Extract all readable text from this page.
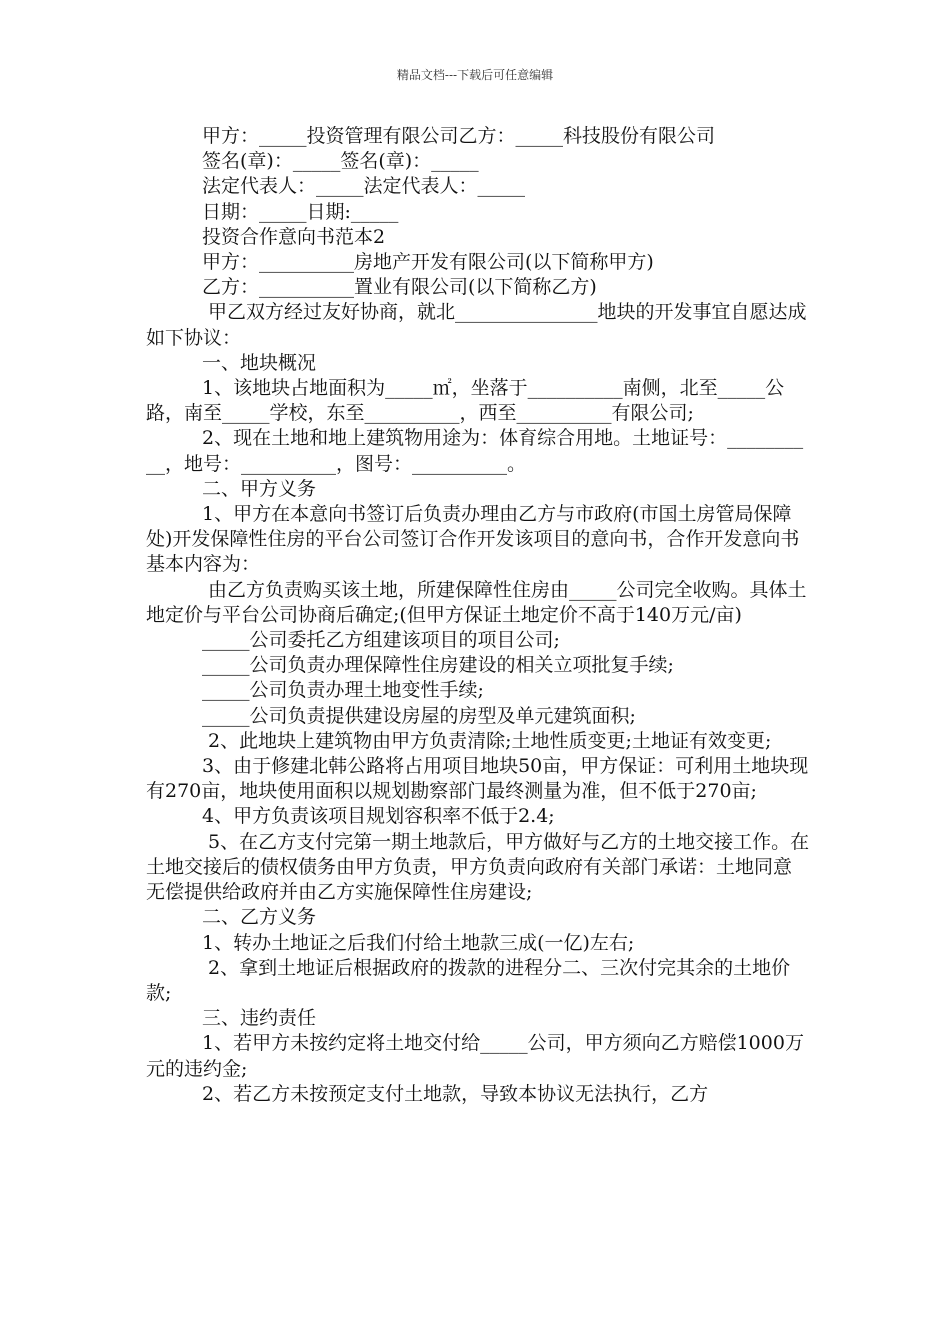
精品文档---下载后可任意编辑

甲方：_____投资管理有限公司乙方：_____科技股份有限公司

签名(章)：_____签名(章)：_____

法定代表人：_____法定代表人：_____

日期：_____日期:_____

投资合作意向书范本2

甲方：__________房地产开发有限公司(以下简称甲方)

乙方：__________置业有限公司(以下简称乙方)

甲乙双方经过友好协商，就北_______________地块的开发事宜自愿达成如下协议：

一、地块概况

1、该地块占地面积为_____㎡，坐落于__________南侧，北至_____公路，南至_____学校，东至__________，西至__________有限公司;

2、现在土地和地上建筑物用途为：体育综合用地。土地证号：__________，地号：__________，图号：__________。

二、甲方义务

1、甲方在本意向书签订后负责办理由乙方与市政府(市国土房管局保障处)开发保障性住房的平台公司签订合作开发该项目的意向书，合作开发意向书基本内容为：

由乙方负责购买该土地，所建保障性住房由_____公司完全收购。具体土地定价与平台公司协商后确定;(但甲方保证土地定价不高于140万元/亩)

_____公司委托乙方组建该项目的项目公司;

_____公司负责办理保障性住房建设的相关立项批复手续;

_____公司负责办理土地变性手续;

_____公司负责提供建设房屋的房型及单元建筑面积;

2、此地块上建筑物由甲方负责清除;土地性质变更;土地证有效变更;

3、由于修建北韩公路将占用项目地块50亩，甲方保证：可利用土地块现有270亩，地块使用面积以规划勘察部门最终测量为准，但不低于270亩;

4、甲方负责该项目规划容积率不低于2.4;

5、在乙方支付完第一期土地款后，甲方做好与乙方的土地交接工作。在土地交接后的债权债务由甲方负责，甲方负责向政府有关部门承诺：土地同意无偿提供给政府并由乙方实施保障性住房建设;

二、乙方义务

1、转办土地证之后我们付给土地款三成(一亿)左右;

2、拿到土地证后根据政府的拨款的进程分二、三次付完其余的土地价款;

三、违约责任

1、若甲方未按约定将土地交付给_____公司，甲方须向乙方赔偿1000万元的违约金;

2、若乙方未按预定支付土地款，导致本协议无法执行，乙方
